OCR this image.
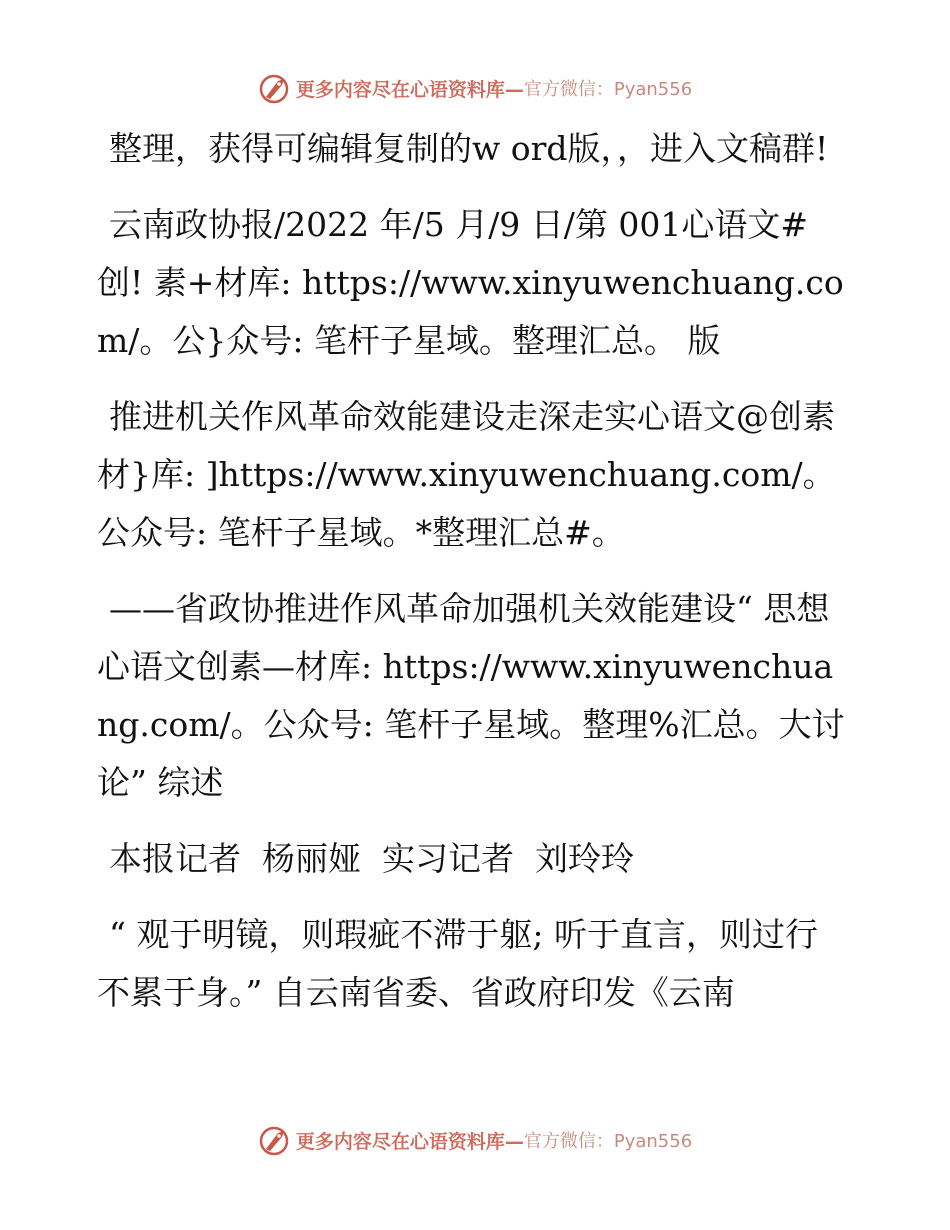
更多内容尽在心语资料库— 官方微信：Pyan556

整理，获得可编辑复制的w ord版，，进入文稿群!

云南政协报/2022 年/5 月/9 日/第 001心语文#创! 素+材库: https://www.xinyuwenchuang.com/。公}众号: 笔杆子星域。整理汇总。 版

推进机关作风革命效能建设走深走实心语文@创素材}库: ]https://www.xinyuwenchuang.com/。公众号: 笔杆子星域。*整理汇总#。

——省政协推进作风革命加强机关效能建设“ 思想心语文创素—材库: https://www.xinyuwenchuang.com/。公众号: 笔杆子星域。整理%汇总。大讨论” 综述

本报记者  杨丽娅  实习记者  刘玲玲

“ 观于明镜，则瑕疵不滞于躯; 听于直言，则过行不累于身。” 自云南省委、省政府印发《云南

更多内容尽在心语资料库— 官方微信：Pyan556
